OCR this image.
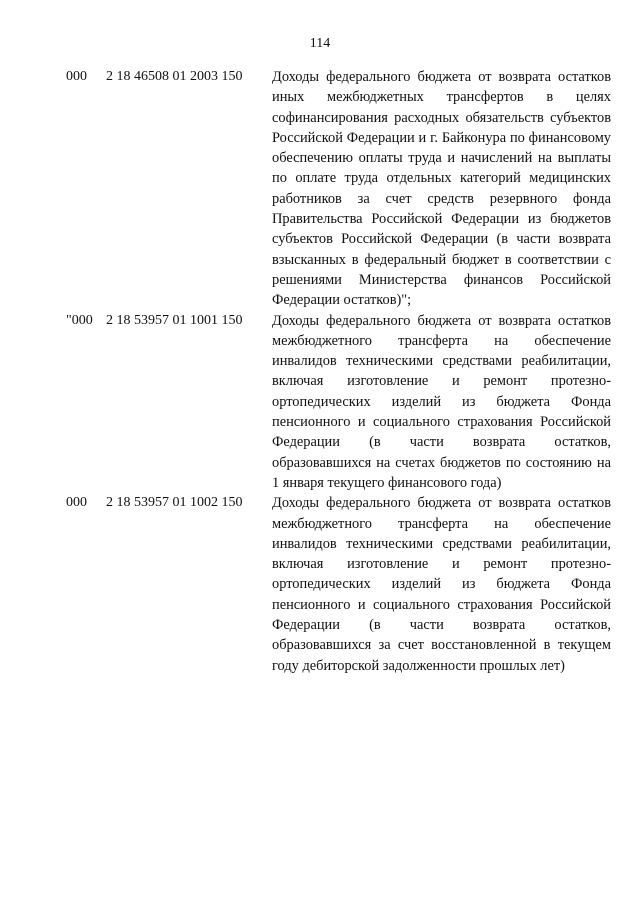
114
000	2 18 46508 01 2003 150	Доходы федерального бюджета от возврата остатков иных межбюджетных трансфертов в целях софинансирования расходных обязательств субъектов Российской Федерации и г. Байконура по финансовому обеспечению оплаты труда и начислений на выплаты по оплате труда отдельных категорий медицинских работников за счет средств резервного фонда Правительства Российской Федерации из бюджетов субъектов Российской Федерации (в части возврата взысканных в федеральный бюджет в соответствии с решениями Министерства финансов Российской Федерации остатков)";
"000 2 18 53957 01 1001 150	Доходы федерального бюджета от возврата остатков межбюджетного трансферта на обеспечение инвалидов техническими средствами реабилитации, включая изготовление и ремонт протезно-ортопедических изделий из бюджета Фонда пенсионного и социального страхования Российской Федерации (в части возврата остатков, образовавшихся на счетах бюджетов по состоянию на 1 января текущего финансового года)
000	2 18 53957 01 1002 150	Доходы федерального бюджета от возврата остатков межбюджетного трансферта на обеспечение инвалидов техническими средствами реабилитации, включая изготовление и ремонт протезно-ортопедических изделий из бюджета Фонда пенсионного и социального страхования Российской Федерации (в части возврата остатков, образовавшихся за счет восстановленной в текущем году дебиторской задолженности прошлых лет)
